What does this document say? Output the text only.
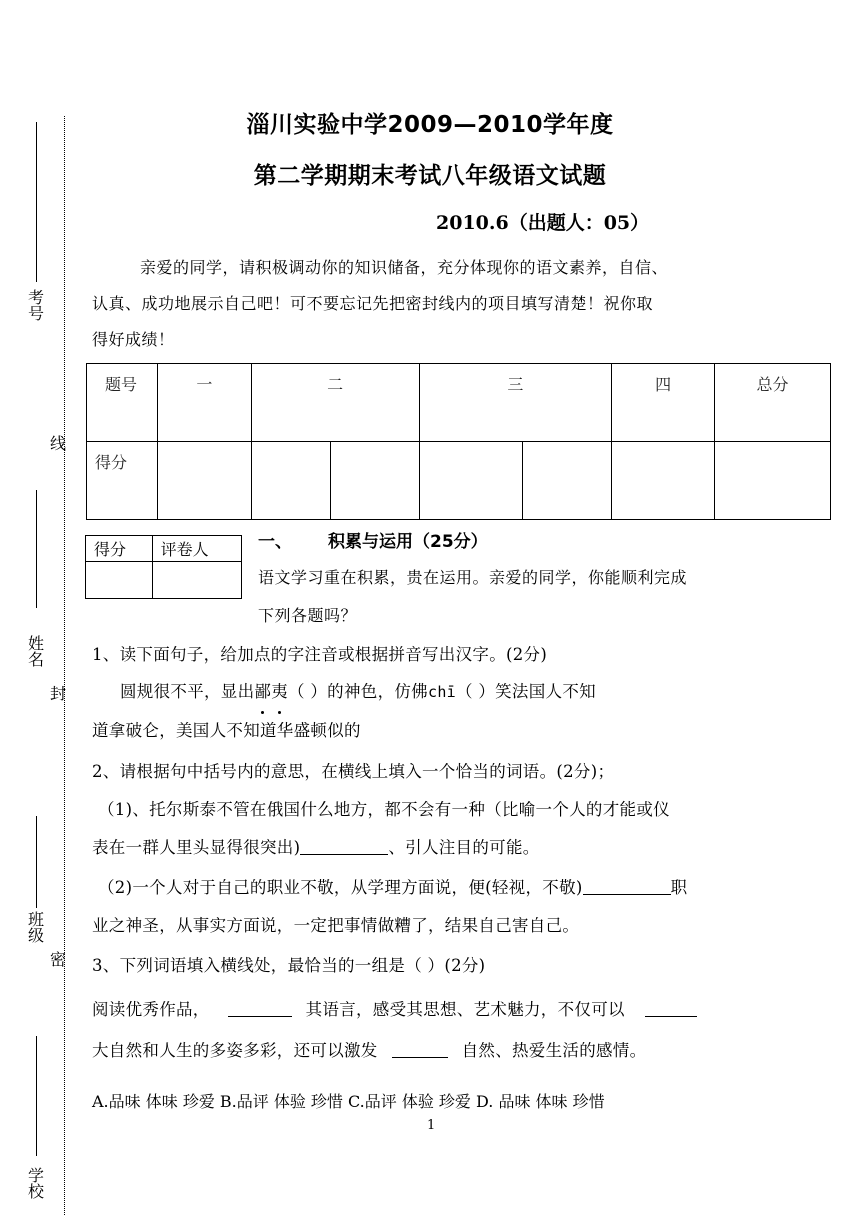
考号
姓名
班级
学校
线
封
密
淄川实验中学2009—2010学年度
第二学期期末考试八年级语文试题
2010.6（出题人：05）
亲爱的同学，请积极调动你的知识储备，充分体现你的语文素养，自信、
认真、成功地展示自己吧！可不要忘记先把密封线内的项目填写清楚！祝你取
得好成绩！
题号	一	二		三		四	总分
得分							
得分	评卷人
		一、 积累与运用（25分）
语文学习重在积累，贵在运用。亲爱的同学，你能顺利完成
下列各题吗？
1、读下面句子，给加点的字注音或根据拼音写出汉字。(2分)
圆规很不平，显出鄙夷（ ）的神色，仿佛chī（ ）笑法国人不知
道拿破仑，美国人不知道华盛顿似的
2、请根据句中括号内的意思，在横线上填入一个恰当的词语。(2分)；
（1)、托尔斯泰不管在俄国什么地方，都不会有一种（比喻一个人的才能或仪
表在一群人里头显得很突出)	、引人注目的可能。
（2)一个人对于自己的职业不敬，从学理方面说，便(轻视，不敬)	职
业之神圣，从事实方面说，一定把事情做糟了，结果自己害自己。
3、下列词语填入横线处，最恰当的一组是（ ）(2分)
阅读优秀作品，	其语言，感受其思想、艺术魅力，不仅可以
大自然和人生的多姿多彩，还可以激发	自然、热爱生活的感情。
A.品味 体味 珍爱 B.品评 体验 珍惜 C.品评 体验 珍爱 D. 品味 体味 珍惜
1
